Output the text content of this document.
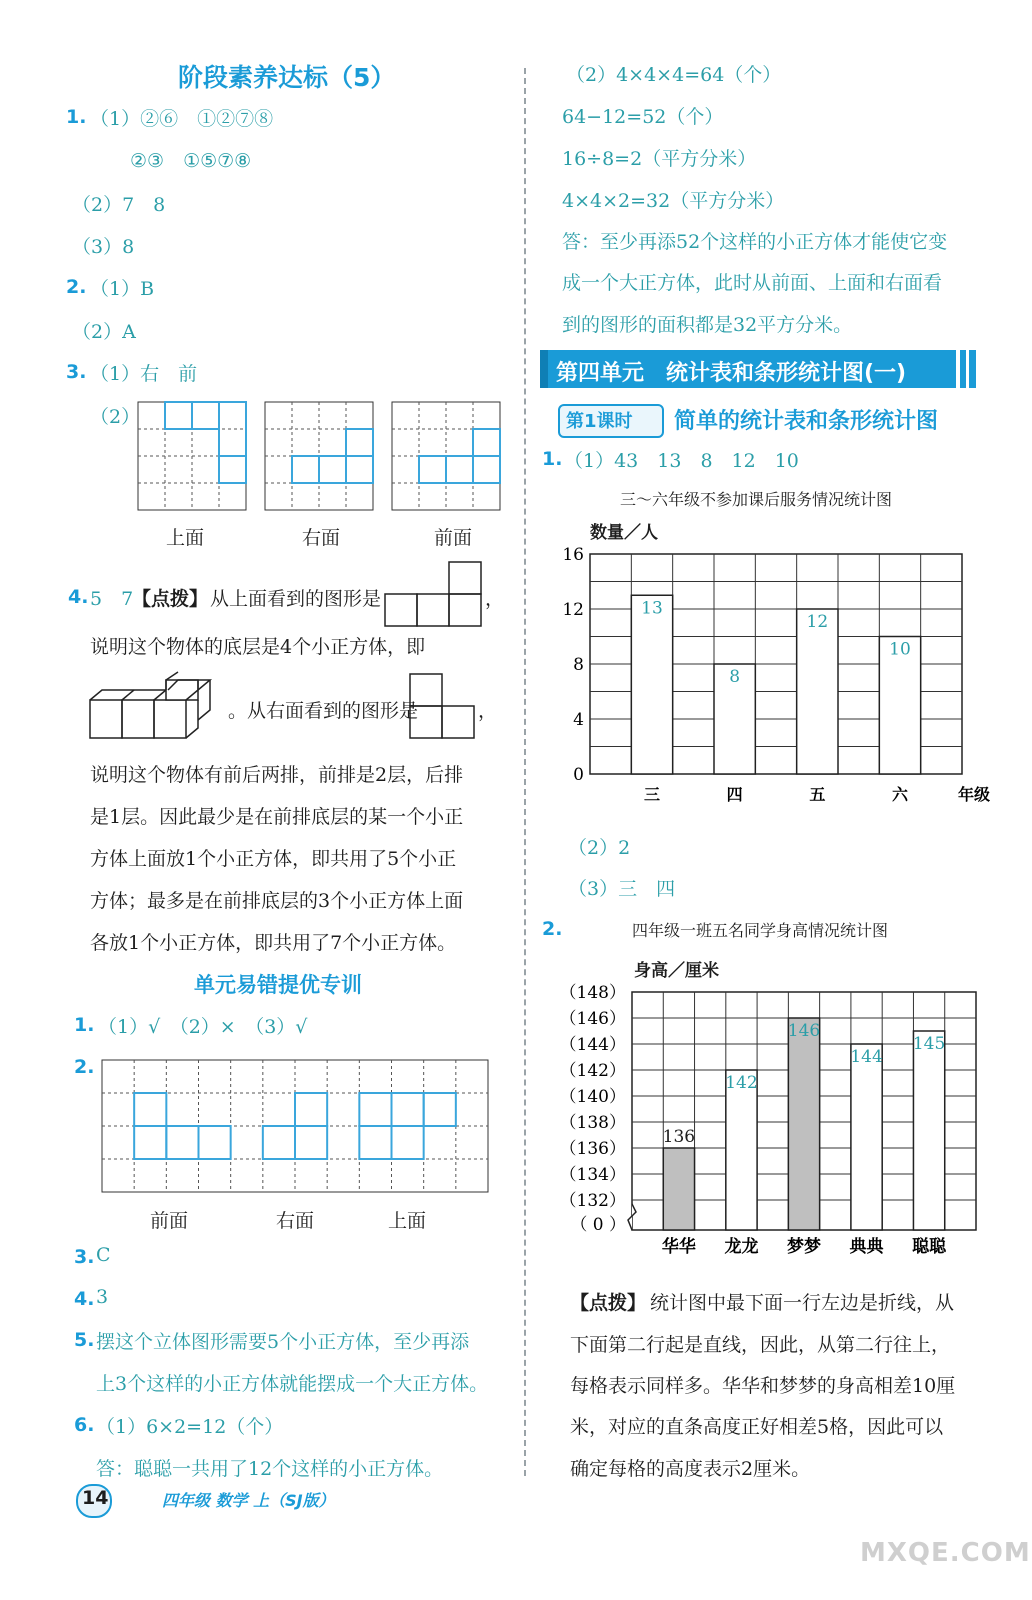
阶段素养达标（5）
1. （1）②⑥　①②⑦⑧
②③　①⑤⑦⑧
（2）7　8
（3）8
2. （1）B
（2）A
3. （1）右　前
（2）
上面	右面	前面
4. 5　7
【点拨】 从上面看到的图形是	，
说明这个物体的底层是4个小正方体，即
。从右面看到的图形是	，
说明这个物体有前后两排，前排是2层，后排
是1层。因此最少是在前排底层的某一个小正
方体上面放1个小正方体，即共用了5个小正
方体；最多是在前排底层的3个小正方体上面
各放1个小正方体，即共用了7个小正方体。
单元易错提优专训
1. （1）√　（2）×　（3）√
2.
前面	右面	上面
3. C
4. 3
5. 摆这个立体图形需要5个小正方体，至少再添
上3个这样的小正方体就能摆成一个大正方体。
6. （1）6×2=12（个）
答：聪聪一共用了12个这样的小正方体。
14	四年级 数学 上（SJ版）
（2）4×4×4=64（个）
64−12=52（个）
16÷8=2（平方分米）
4×4×2=32（平方分米）
答：至少再添52个这样的小正方体才能使它变
成一个大正方体，此时从前面、上面和右面看
到的图形的面积都是32平方分米。
第四单元　统计表和条形统计图(一)
第1课时 简单的统计表和条形统计图
1. （1）43　13　8　12　10
三～六年级不参加课后服务情况统计图
数量／人
13
三
8
四
12
五
10
六	年级
16
12
8
4
0
（2）2
（3）三　四
2.	四年级一班五名同学身高情况统计图
身高／厘米
136
华华
142
龙龙
146
梦梦
144
典典
145
聪聪
（148）
（146）
（144）
（142）
（140）
（138）
（136）
（134）
（132）
（ 0 ）
【点拨】 统计图中最下面一行左边是折线，从
下面第二行起是直线，因此，从第二行往上，
每格表示同样多。华华和梦梦的身高相差10厘
米，对应的直条高度正好相差5格，因此可以
确定每格的高度表示2厘米。
MXQE.COM
